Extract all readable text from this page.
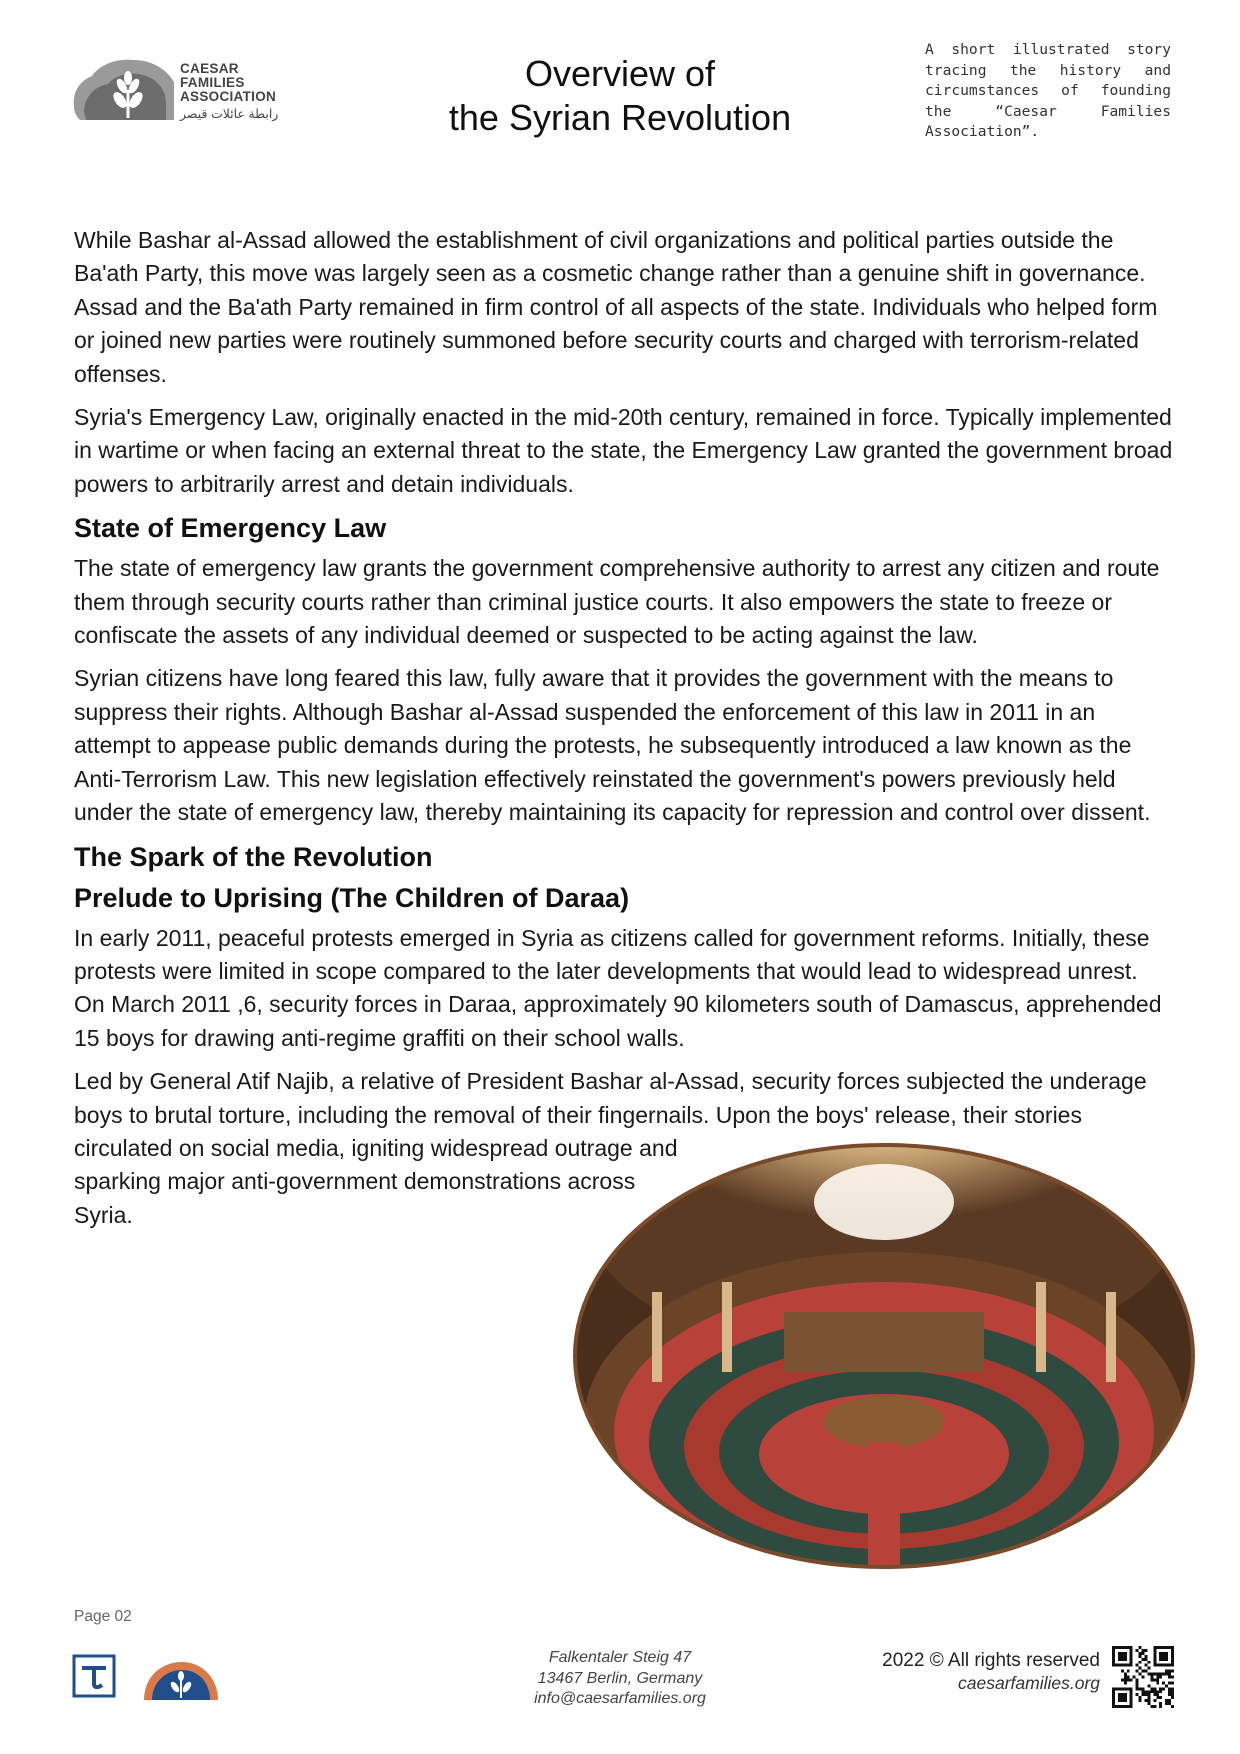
CAESAR
FAMILIES
ASSOCIATION
رابطة عائلات قيصر
Overview of
the Syrian Revolution
A short illustrated story tracing the history and circumstances of founding the “Caesar Families Association”.

While Bashar al-Assad allowed the establishment of civil organizations and political parties outside the Ba'ath Party, this move was largely seen as a cosmetic change rather than a genuine shift in governance. Assad and the Ba'ath Party remained in firm control of all aspects of the state. Individuals who helped form or joined new parties were routinely summoned before security courts and charged with terrorism-related offenses.

Syria's Emergency Law, originally enacted in the mid-20th century, remained in force. Typically implemented in wartime or when facing an external threat to the state, the Emergency Law granted the government broad powers to arbitrarily arrest and detain individuals.

State of Emergency Law

The state of emergency law grants the government comprehensive authority to arrest any citizen and route them through security courts rather than criminal justice courts. It also empowers the state to freeze or confiscate the assets of any individual deemed or suspected to be acting against the law.

Syrian citizens have long feared this law, fully aware that it provides the government with the means to suppress their rights. Although Bashar al-Assad suspended the enforcement of this law in 2011 in an attempt to appease public demands during the protests, he subsequently introduced a law known as the Anti-Terrorism Law. This new legislation effectively reinstated the government's powers previously held under the state of emergency law, thereby maintaining its capacity for repression and control over dissent.

The Spark of the Revolution
Prelude to Uprising (The Children of Daraa)

In early 2011, peaceful protests emerged in Syria as citizens called for government reforms. Initially, these protests were limited in scope compared to the later developments that would lead to widespread unrest. On March 2011 ,6, security forces in Daraa, approximately 90 kilometers south of Damascus, apprehended 15 boys for drawing anti-regime graffiti on their school walls.

Led by General Atif Najib, a relative of President Bashar al-Assad, security forces subjected the underage boys to brutal torture, including the removal of their fingernails. Upon the boys' release, their stories circulated on social media, igniting widespread outrage and sparking major anti-government demonstrations across Syria.

Page 02
Falkentaler Steig 47
13467 Berlin, Germany
info@caesarfamilies.org
2022 © All rights reserved
caesarfamilies.org
